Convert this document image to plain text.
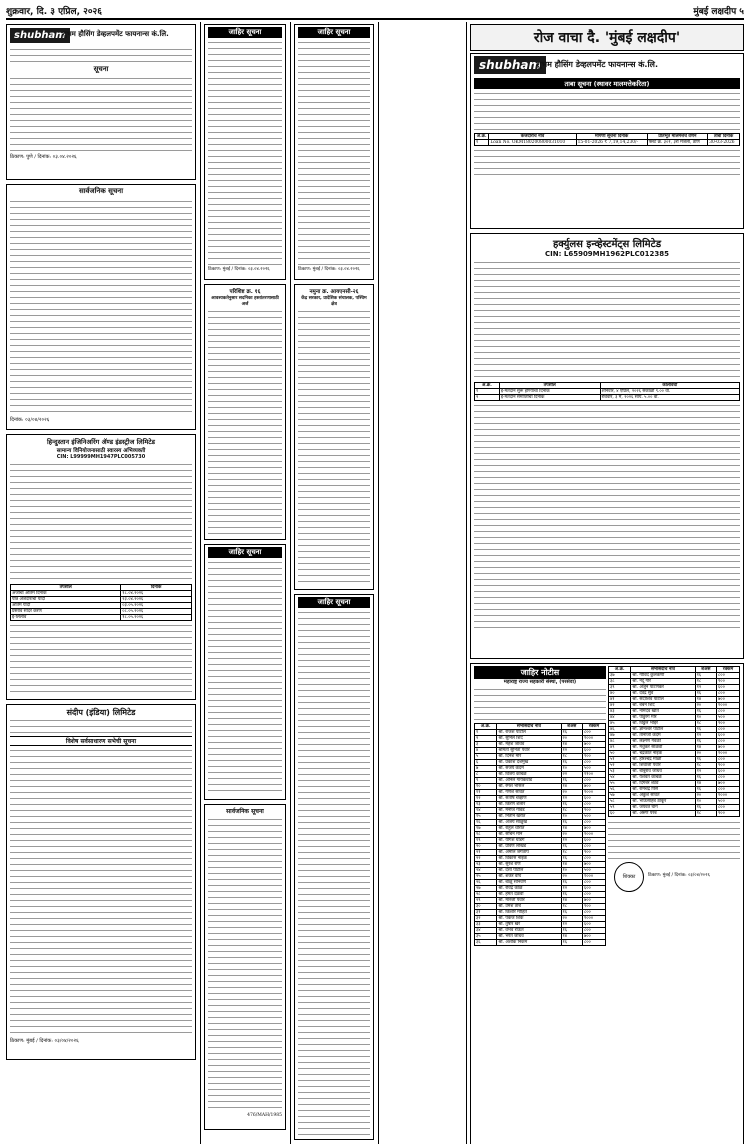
शुक्रवार, दि. ३ एप्रिल, २०२६	मुंबई लक्षदीप ५
shubham
शुभम हौसिंग डेव्हलपमेंट फायनान्स कं.लि.
सूचना
ठिकाण: पुणे / दिनांक: ०३.०४.२०२६
सार्वजनिक सूचना
दिनांक: ०३/०४/२०२६
हिन्दुस्तान इंजिनिअरिंग ॲण्ड इंडस्ट्रीज लिमिटेड
सामान्य विनियोजनासाठी स्वारस्य अभिव्यक्ती
CIN: L99999MH1947PLC005730
तपशील	दिनांक
अर्जाचा अंतिम दिनांक	१८.०४.२०२६
पात्र अर्जदारांची यादी	२३.०४.२०२६
अंतिम यादी	०३.०५.२०२६
प्रस्ताव सादर करणे	०८.०५.२०२६
ई-लिलाव	१८.०५.२०२६
संदीप (इंडिया) लिमिटेड
विशेष सर्वसाधारण सभेची सूचना
ठिकाण: मुंबई / दिनांक: ०३/०४/२०२६
जाहिर सूचना
ठिकाण: मुंबई / दिनांक: ०३.०४.२०२६
परिशिष्ट क्र. १६
आवश्यकतेनुसार सदनिका हस्तांतरणासाठी अर्ज
जाहिर सूचना
सार्वजनिक सूचना
476/MAH/1985
जाहिर सूचना
ठिकाण: मुंबई / दिनांक: ०३.०४.२०२६
नमुना क्र. आयएनसी-२६
केंद्र सरकार, प्रादेशिक संचालक, पश्चिम क्षेत्र
जाहिर सूचना
रोज वाचा दै. 'मुंबई लक्षदीप'
shubham
शुभम हौसिंग डेव्हलपमेंट फायनान्स कं.लि.
ताबा सूचना (स्थावर मालमत्तेकरिता)
अ.क्र.	कर्जदाराचे नाव	मागणी सूचना दिनांक	प्रतिभूत मालमत्तेचे वर्णन	ताबा दिनांक
१	Loan No. OKM180200800031010	15-01-2026 ₹ 7,19,14,230/-	फ्लॅट क्र. ३०१, ३रा मजला, ठाणे	30-03-2026
हर्क्युलस इन्व्हेस्टमेंट्स लिमिटेड
CIN: L65909MH1962PLC012385
अ.क्र.	तपशील	कालावधी
१	ई-मतदान सुरू होण्याचा दिनांक	शनिवार, ४ एप्रिल, २०२६ सकाळी ९.०० वा.
२	ई-मतदान समाप्तीचा दिनांक	रविवार, ३ मे, २०२६ सायं. ५.०० वा.
जाहिर नोटीस
महाराष्ट्र राज्य सहकारी संस्था, (परसेवा)
अ.क्र.	सभासदाचे नाव	शेअर्स	रक्कम
१	श्री. राजेश पाटील	१६	८००
२	श्री. सुनिल शिंदे	२०	१०००
३	श्री. महेश जाधव	१४	७००
४	श्रीमती सुनिता पवार	१२	६००
५	श्री. दिनेश मोरे	१८	९००
६	श्री. प्रकाश देशमुख	१६	८००
७	श्री. संजय कदम	१०	५००
८	श्री. विजय कांबळे	२२	११००
९	श्री. अनिल गायकवाड	१६	८००
१०	श्री. रमेश भोसले	१४	७००
११	श्री. गणेश सावंत	२०	१०००
१२	श्री. संतोष चव्हाण	१२	६००
१३	श्री. किरण शेलार	१६	८००
१४	श्री. मनोज गावडे	१८	९००
१५	श्री. नितीन खरात	१०	५००
१६	श्री. अजय साळुंखे	१६	८००
१७	श्री. राहुल थोरात	१४	७००
१८	श्री. सचिन माने	२०	१०००
१९	श्री. योगेश घाडगे	१२	६००
२०	श्री. प्रविण लोखंडे	१६	८००
२१	श्री. अमोल जगताप	१८	९००
२२	श्री. विकास नाईक	१६	८००
२३	श्री. सुरेश राणे	१४	७००
२४	श्री. दत्ता पाटील	१०	५००
२५	श्री. शंकर वाघ	२०	१०००
२६	श्री. बाळू सोनवणे	१६	८००
२७	श्री. रविंद्र काळे	१२	६००
२८	श्री. हेमंत दळवी	१६	८००
२९	श्री. मारुती पवार	१४	७००
३०	श्री. उमेश तांबे	१८	९००
३१	श्री. किशोर मोहिते	१६	८००
३२	श्री. पंकज शिर्के	२०	१०००
३३	श्री. तुषार खैरे	१२	६००
३४	श्री. वैभव राऊत	१६	८००
३५	श्री. भरत जाधव	१४	७००
३६	श्री. अशोक निकम	१६	८००
अ.क्र.	सभासदाचे नाव	शेअर्स	रक्कम
३७	श्री. गोविंद कुलकर्णी	१६	८००
३८	श्री. नंदू गोरे	१८	९००
३९	श्री. अर्जुन पाटणकर	१२	६००
४०	श्री. देवेंद्र सुर्वे	१६	८००
४१	श्री. सदाशिव पाटील	१४	७००
४२	श्री. बबन शिंदे	२०	१०००
४३	श्री. नामदेव खोत	१६	८००
४४	श्री. पांडुरंग मोरे	१०	५००
४५	श्री. विठ्ठल भोईर	१८	९००
४६	श्री. ज्ञानेश्वर पाटील	१६	८००
४७	श्री. तानाजी कदम	१२	६००
४८	श्री. लक्ष्मण गवळी	१६	८००
४९	श्री. मधुकर साळवी	१४	७००
५०	श्री. चंद्रकांत नाईक	२०	१०००
५१	श्री. हरिश्चंद्र माळी	१६	८००
५२	श्री. शिवाजी पवार	१८	९००
५३	श्री. बाबुराव जाधव	१२	६००
५४	श्री. यशवंत कांबळे	१६	८००
५५	श्री. दिगंबर शेट्ये	१४	७००
५६	श्री. रामचंद्र पिसे	१६	८००
५७	श्री. अंकुश सावंत	२०	१०००
५८	श्री. भाऊसाहेब ठाकूर	१०	५००
५९	श्री. जयवंत घाग	१६	८००
६०	श्री. अरुण परब	१८	९००
शिक्का	ठिकाण: मुंबई / दिनांक: ०३/०४/२०२६
